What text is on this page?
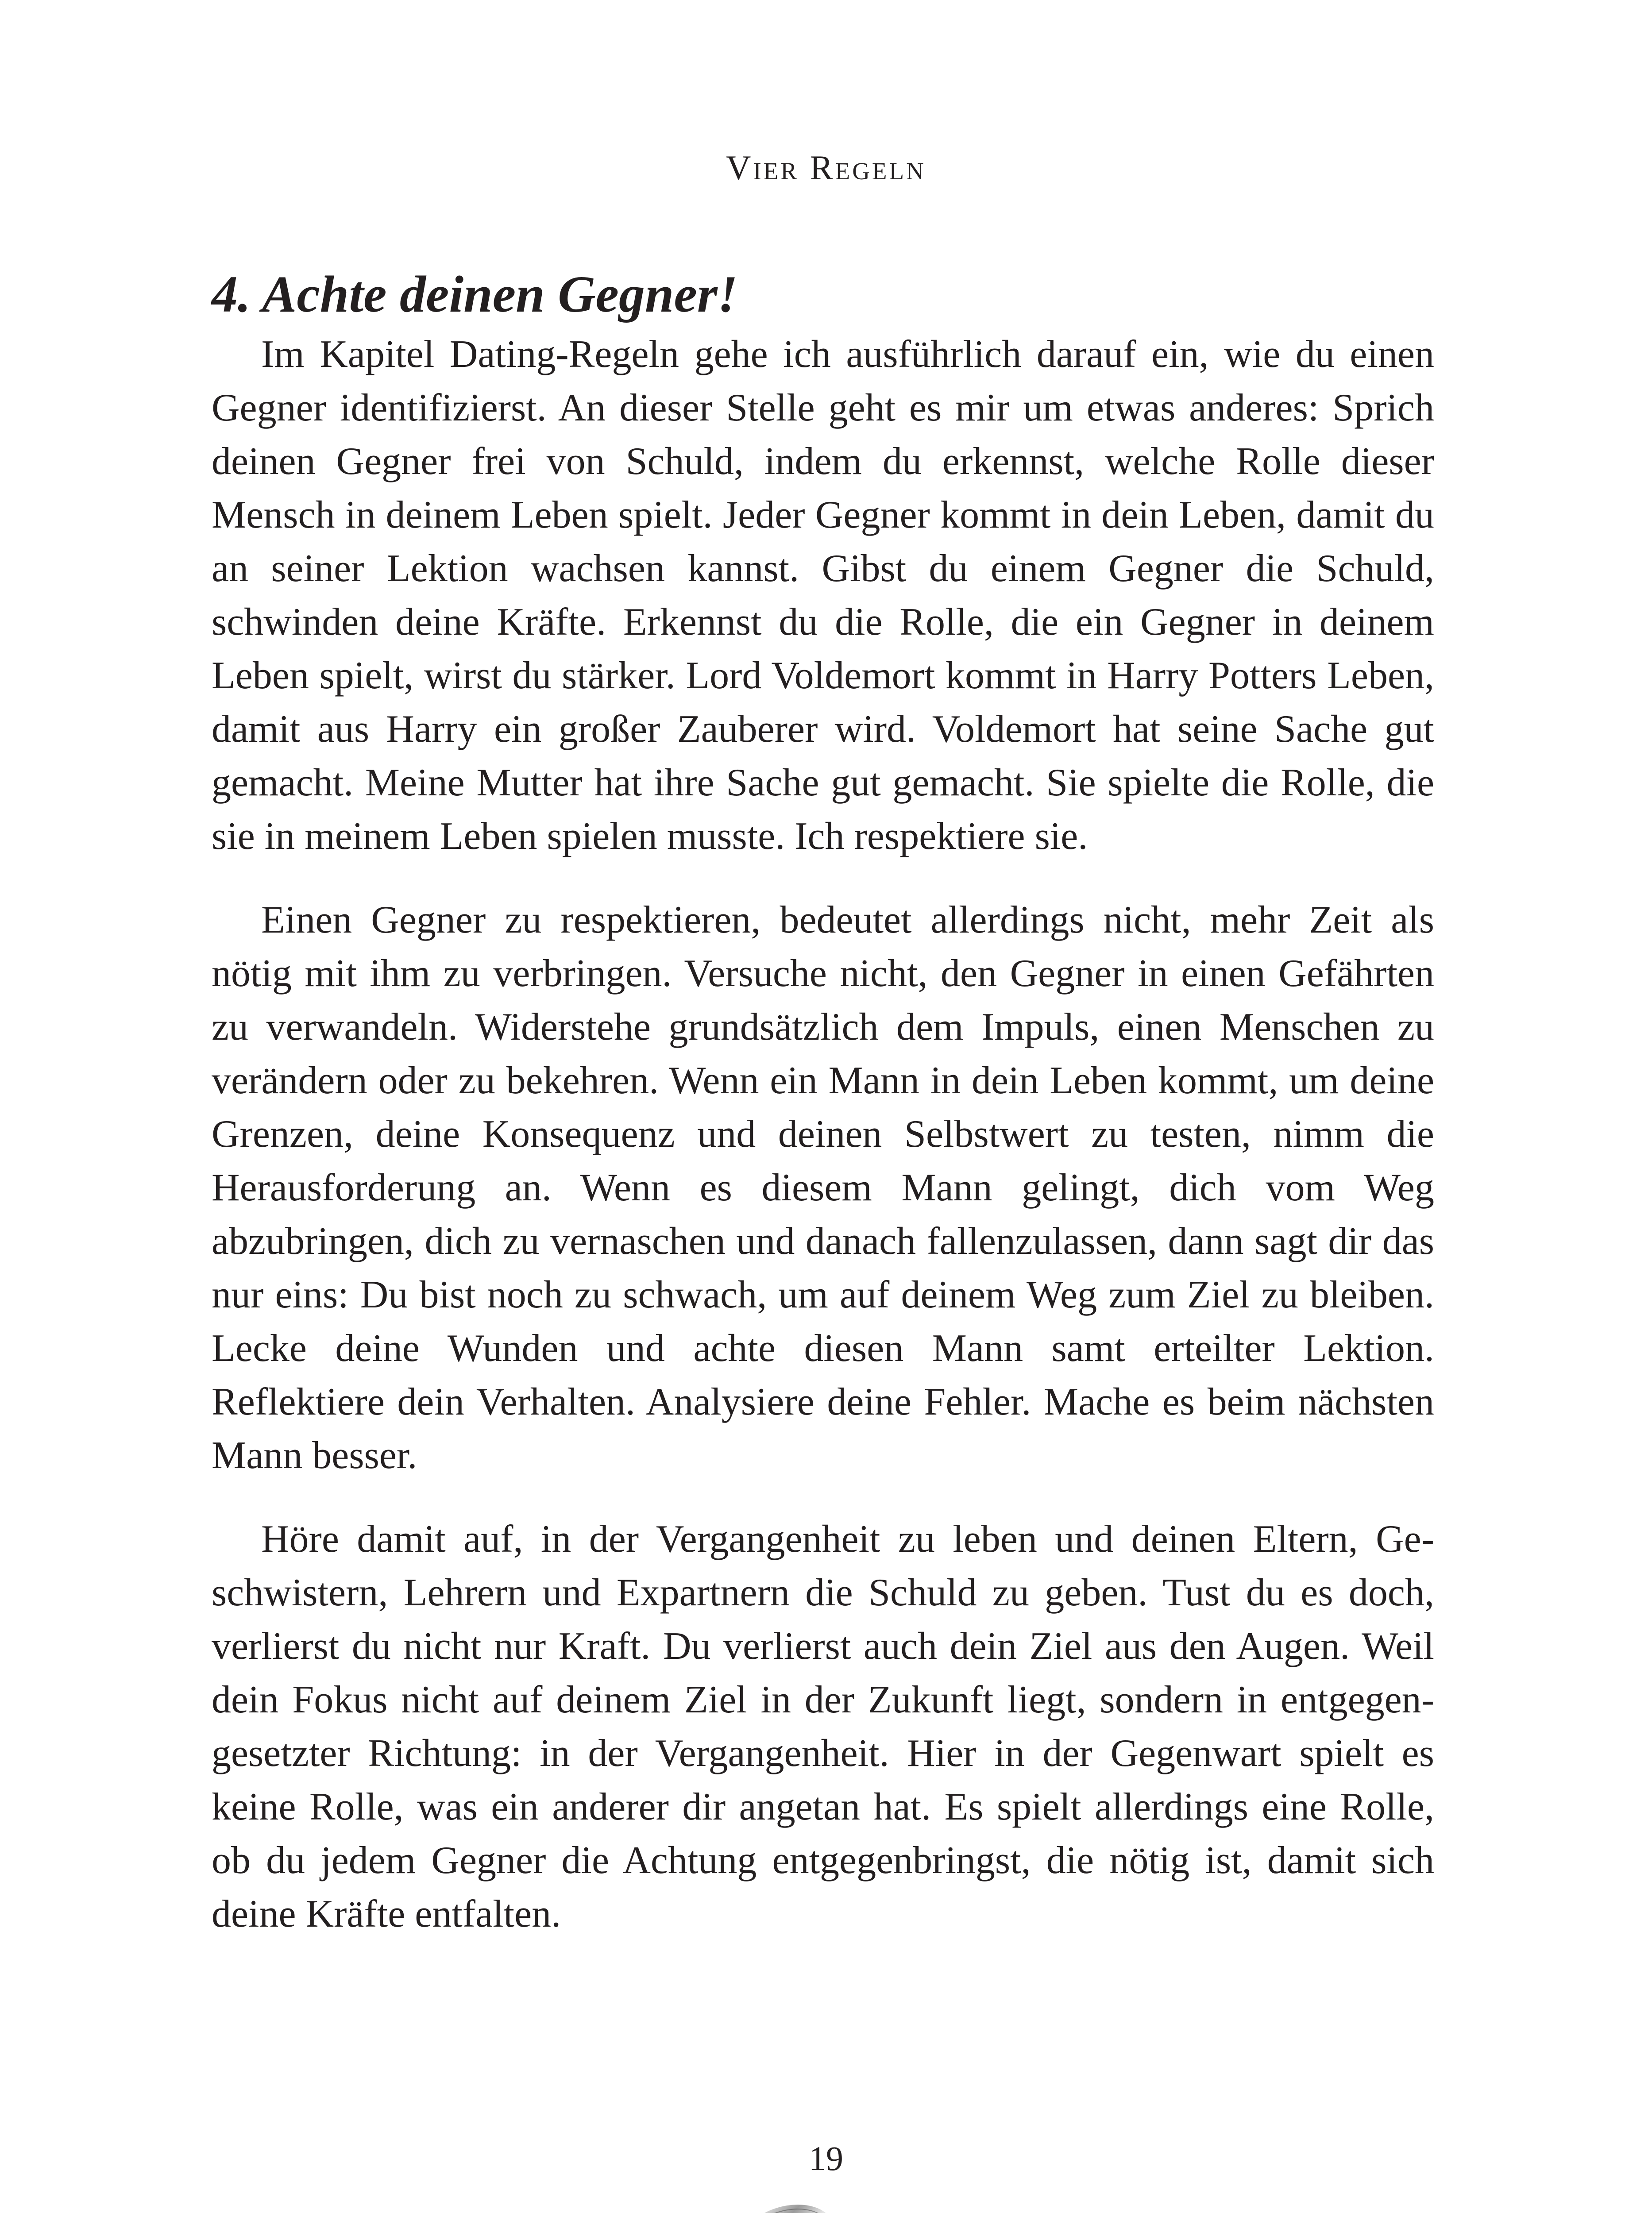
Vier Regeln
4. Achte deinen Gegner!

Im Kapitel Dating-Regeln gehe ich ausführlich darauf ein, wie du einen Gegner identifizierst. An dieser Stelle geht es mir um etwas anderes: Sprich deinen Gegner frei von Schuld, indem du erkennst, welche Rolle dieser Mensch in deinem Leben spielt. Jeder Gegner kommt in dein Leben, damit du an seiner Lektion wachsen kannst. Gibst du einem Gegner die Schuld, schwinden deine Kräfte. Erkennst du die Rolle, die ein Gegner in deinem Leben spielt, wirst du stärker. Lord Voldemort kommt in Harry Potters Leben, damit aus Harry ein großer Zauberer wird. Voldemort hat seine Sache gut gemacht. Meine Mutter hat ihre Sache gut gemacht. Sie spielte die Rolle, die sie in meinem Leben spielen musste. Ich respektiere sie.

Einen Gegner zu respektieren, bedeutet allerdings nicht, mehr Zeit als nötig mit ihm zu verbringen. Versuche nicht, den Gegner in einen Gefährten zu verwandeln. Widerstehe grundsätzlich dem Impuls, einen Menschen zu verändern oder zu bekehren. Wenn ein Mann in dein Leben kommt, um deine Grenzen, deine Konsequenz und deinen Selbstwert zu testen, nimm die Herausforderung an. Wenn es diesem Mann gelingt, dich vom Weg abzubringen, dich zu vernaschen und danach fallenzulassen, dann sagt dir das nur eins: Du bist noch zu schwach, um auf deinem Weg zum Ziel zu bleiben. Lecke deine Wunden und achte diesen Mann samt erteilter Lektion. Reflektiere dein Verhalten. Analysiere deine Fehler. Mache es beim nächsten Mann besser.

Höre damit auf, in der Vergangenheit zu leben und deinen Eltern, Geschwistern, Lehrern und Expartnern die Schuld zu geben. Tust du es doch, verlierst du nicht nur Kraft. Du verlierst auch dein Ziel aus den Augen. Weil dein Fokus nicht auf deinem Ziel in der Zukunft liegt, sondern in entgegengesetzter Richtung: in der Vergangenheit. Hier in der Gegenwart spielt es keine Rolle, was ein anderer dir angetan hat. Es spielt allerdings eine Rolle, ob du jedem Gegner die Achtung entgegenbringst, die nötig ist, damit sich deine Kräfte entfalten.

19
